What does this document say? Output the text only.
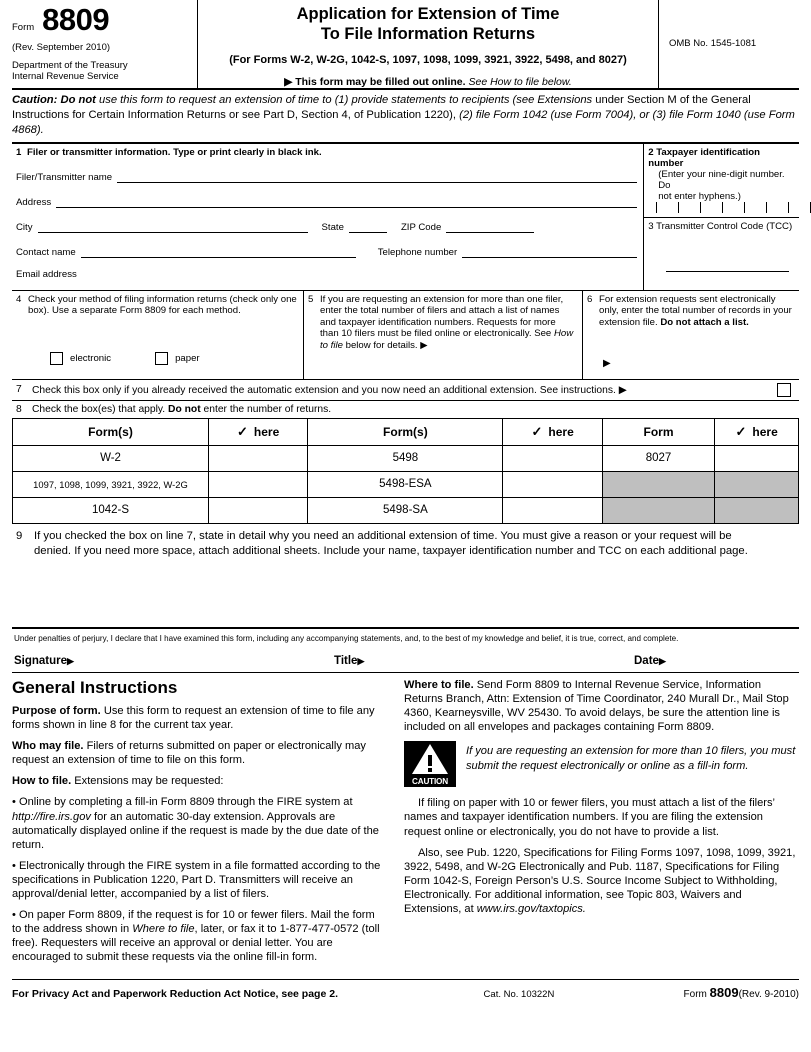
Form 8809
(Rev. September 2010)
Department of the Treasury
Internal Revenue Service
Application for Extension of Time
To File Information Returns
(For Forms W-2, W-2G, 1042-S, 1097, 1098, 1099, 3921, 3922, 5498, and 8027)
▶ This form may be filled out online. See How to file below.
OMB No. 1545-1081
Caution: Do not use this form to request an extension of time to (1) provide statements to recipients (see Extensions under Section M of the General Instructions for Certain Information Returns or see Part D, Section 4, of Publication 1220), (2) file Form 1042 (use Form 7004), or (3) file Form 1040 (use Form 4868).
1 Filer or transmitter information. Type or print clearly in black ink.
Filer/Transmitter name
Address
City	State	ZIP Code
Contact name	Telephone number
Email address
2 Taxpayer identification number
(Enter your nine-digit number. Do
not enter hyphens.)
3 Transmitter Control Code (TCC)
4 Check your method of filing information returns (check only one box). Use a separate Form 8809 for each method.
electronic	paper
5 If you are requesting an extension for more than one filer, enter the total number of filers and attach a list of names and taxpayer identification numbers. Requests for more than 10 filers must be filed online or electronically. See How to file below for details. ▶
6 For extension requests sent electronically only, enter the total number of records in your extension file. Do not attach a list.
▶
7 Check this box only if you already received the automatic extension and you now need an additional extension. See instructions. ▶
8 Check the box(es) that apply. Do not enter the number of returns.
Form(s)	✓ here	Form(s)	✓ here	Form	✓ here
W-2		5498		8027	
1097, 1098, 1099, 3921, 3922, W-2G		5498-ESA			
1042-S		5498-SA			
9	If you checked the box on line 7, state in detail why you need an additional extension of time. You must give a reason or your request will be denied. If you need more space, attach additional sheets. Include your name, taxpayer identification number and TCC on each additional page.
Under penalties of perjury, I declare that I have examined this form, including any accompanying statements, and, to the best of my knowledge and belief, it is true, correct, and complete.
Signature▶	Title▶	Date▶
General Instructions
Purpose of form. Use this form to request an extension of time to file any forms shown in line 8 for the current tax year.
Who may file. Filers of returns submitted on paper or electronically may request an extension of time to file on this form.
How to file. Extensions may be requested:
• Online by completing a fill-in Form 8809 through the FIRE system at http://fire.irs.gov for an automatic 30-day extension. Approvals are automatically displayed online if the request is made by the due date of the return.
• Electronically through the FIRE system in a file formatted according to the specifications in Publication 1220, Part D. Transmitters will receive an approval/denial letter, accompanied by a list of filers.
• On paper Form 8809, if the request is for 10 or fewer filers. Mail the form to the address shown in Where to file, later, or fax it to 1-877-477-0572 (toll free). Requesters will receive an approval or denial letter. You are encouraged to submit these requests via the online fill-in form.
Where to file. Send Form 8809 to Internal Revenue Service, Information Returns Branch, Attn: Extension of Time Coordinator, 240 Murall Dr., Mail Stop 4360, Kearneysville, WV 25430. To avoid delays, be sure the attention line is included on all envelopes and packages containing Form 8809.
CAUTION
If you are requesting an extension for more than 10 filers, you must submit the request electronically or online as a fill-in form.
If filing on paper with 10 or fewer filers, you must attach a list of the filers’ names and taxpayer identification numbers. If you are filing the extension request online or electronically, you do not have to provide a list.
Also, see Pub. 1220, Specifications for Filing Forms 1097, 1098, 1099, 3921, 3922, 5498, and W-2G Electronically and Pub. 1187, Specifications for Filing Form 1042-S, Foreign Person’s U.S. Source Income Subject to Withholding, Electronically. For additional information, see Topic 803, Waivers and Extensions, at www.irs.gov/taxtopics.
For Privacy Act and Paperwork Reduction Act Notice, see page 2.	Cat. No. 10322N	Form 8809(Rev. 9-2010)
